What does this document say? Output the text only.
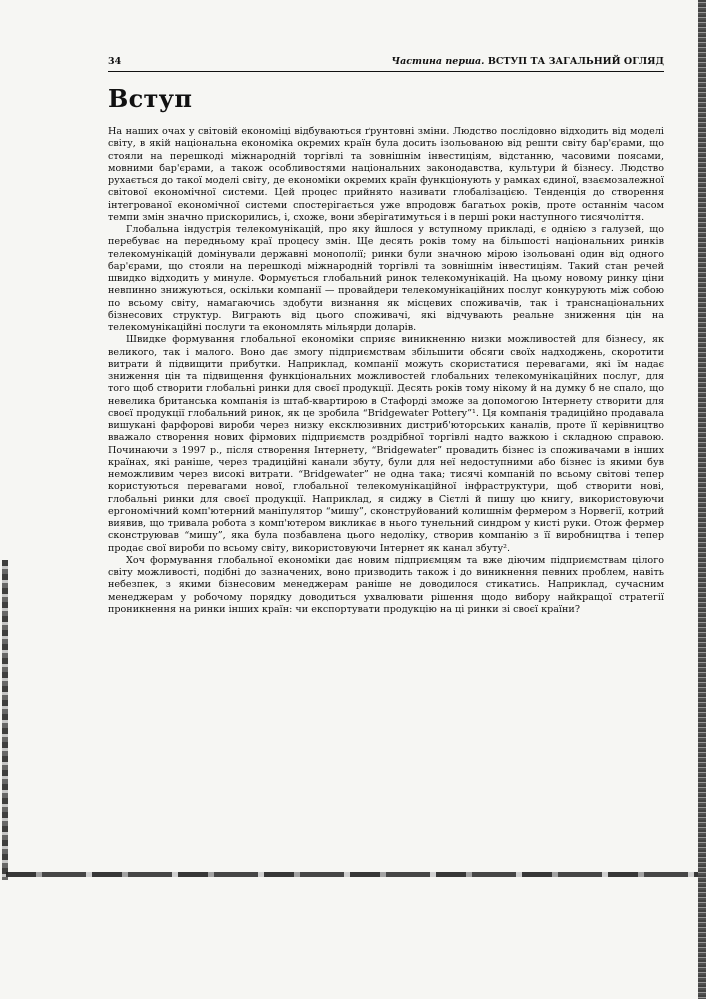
34	Частина перша. ВСТУП ТА ЗАГАЛЬНИЙ ОГЛЯД
Вступ

На наших очах у світовій економіці відбуваються ґрунтовні зміни. Людство послідовно відходить від моделі світу, в якій національна економіка окремих країн була досить ізольованою від решти світу бар'єрами, що стояли на перешкоді міжнародній торгівлі та зовнішнім інвестиціям, відстанню, часовими поясами, мовними бар'єрами, а також особливостями національних законодавства, культури й бізнесу. Людство рухається до такої моделі світу, де економіки окремих країн функціонують у рамках єдиної, взаємозалежної світової економічної системи. Цей процес прийнято називати глобалізацією. Тенденція до створення інтегрованої економічної системи спостерігається уже впродовж багатьох років, проте останнім часом темпи змін значно прискорились, і, схоже, вони зберігатимуться і в перші роки наступного тисячоліття.

Глобальна індустрія телекомунікацій, про яку йшлося у вступному прикладі, є однією з галузей, що перебуває на передньому краї процесу змін. Ще десять років тому на більшості національних ринків телекомунікацій домінували державні монополії; ринки були значною мірою ізольовані один від одного бар'єрами, що стояли на перешкоді міжнародній торгівлі та зовнішнім інвестиціям. Такий стан речей швидко відходить у минуле. Формується глобальний ринок телекомунікацій. На цьому новому ринку ціни невпинно знижуються, оскільки компанії — провайдери телекомунікаційних послуг конкурують між собою по всьому світу, намагаючись здобути визнання як місцевих споживачів, так і транснаціональних бізнесових структур. Виграють від цього споживачі, які відчувають реальне зниження цін на телекомунікаційні послуги та економлять мільярди доларів.

Швидке формування глобальної економіки сприяє виникненню низки можливостей для бізнесу, як великого, так і малого. Воно дає змогу підприємствам збільшити обсяги своїх надходжень, скоротити витрати й підвищити прибутки. Наприклад, компанії можуть скористатися перевагами, які їм надає зниження цін та підвищення функціональних можливостей глобальних телекомунікаційних послуг, для того щоб створити глобальні ринки для своєї продукції. Десять років тому нікому й на думку б не спало, що невелика британська компанія із штаб-квартирою в Стафорді зможе за допомогою Інтернету створити для своєї продукції глобальний ринок, як це зробила “Bridgewater Pottery”¹. Ця компанія традиційно продавала вишукані фарфорові вироби через низку ексклюзивних дистриб'юторських каналів, проте її керівництво вважало створення нових фірмових підприємств роздрібної торгівлі надто важкою і складною справою. Починаючи з 1997 р., після створення Інтернету, “Bridgewater” провадить бізнес із споживачами в інших країнах, які раніше, через традиційні канали збуту, були для неї недоступними або бізнес із якими був неможливим через високі витрати. “Bridgewater” не одна така; тисячі компаній по всьому світові тепер користуються перевагами нової, глобальної телекомунікаційної інфраструктури, щоб створити нові, глобальні ринки для своєї продукції. Наприклад, я сиджу в Сієтлі й пишу цю книгу, використовуючи ергономічний комп'ютерний маніпулятор “мишу”, сконструйований колишнім фермером з Норвегії, котрий виявив, що тривала робота з комп'ютером викликає в нього тунельний синдром у кисті руки. Отож фермер сконструював “мишу”, яка була позбавлена цього недоліку, створив компанію з її виробництва і тепер продає свої вироби по всьому світу, використовуючи Інтернет як канал збуту².

Хоч формування глобальної економіки дає новим підприємцям та вже діючим підприємствам цілого світу можливості, подібні до зазначених, воно призводить також і до виникнення певних проблем, навіть небезпек, з якими бізнесовим менеджерам раніше не доводилося стикатись. Наприклад, сучасним менеджерам у робочому порядку доводиться ухвалювати рішення щодо вибору найкращої стратегії проникнення на ринки інших країн: чи експортувати продукцію на ці ринки зі своєї країни?
